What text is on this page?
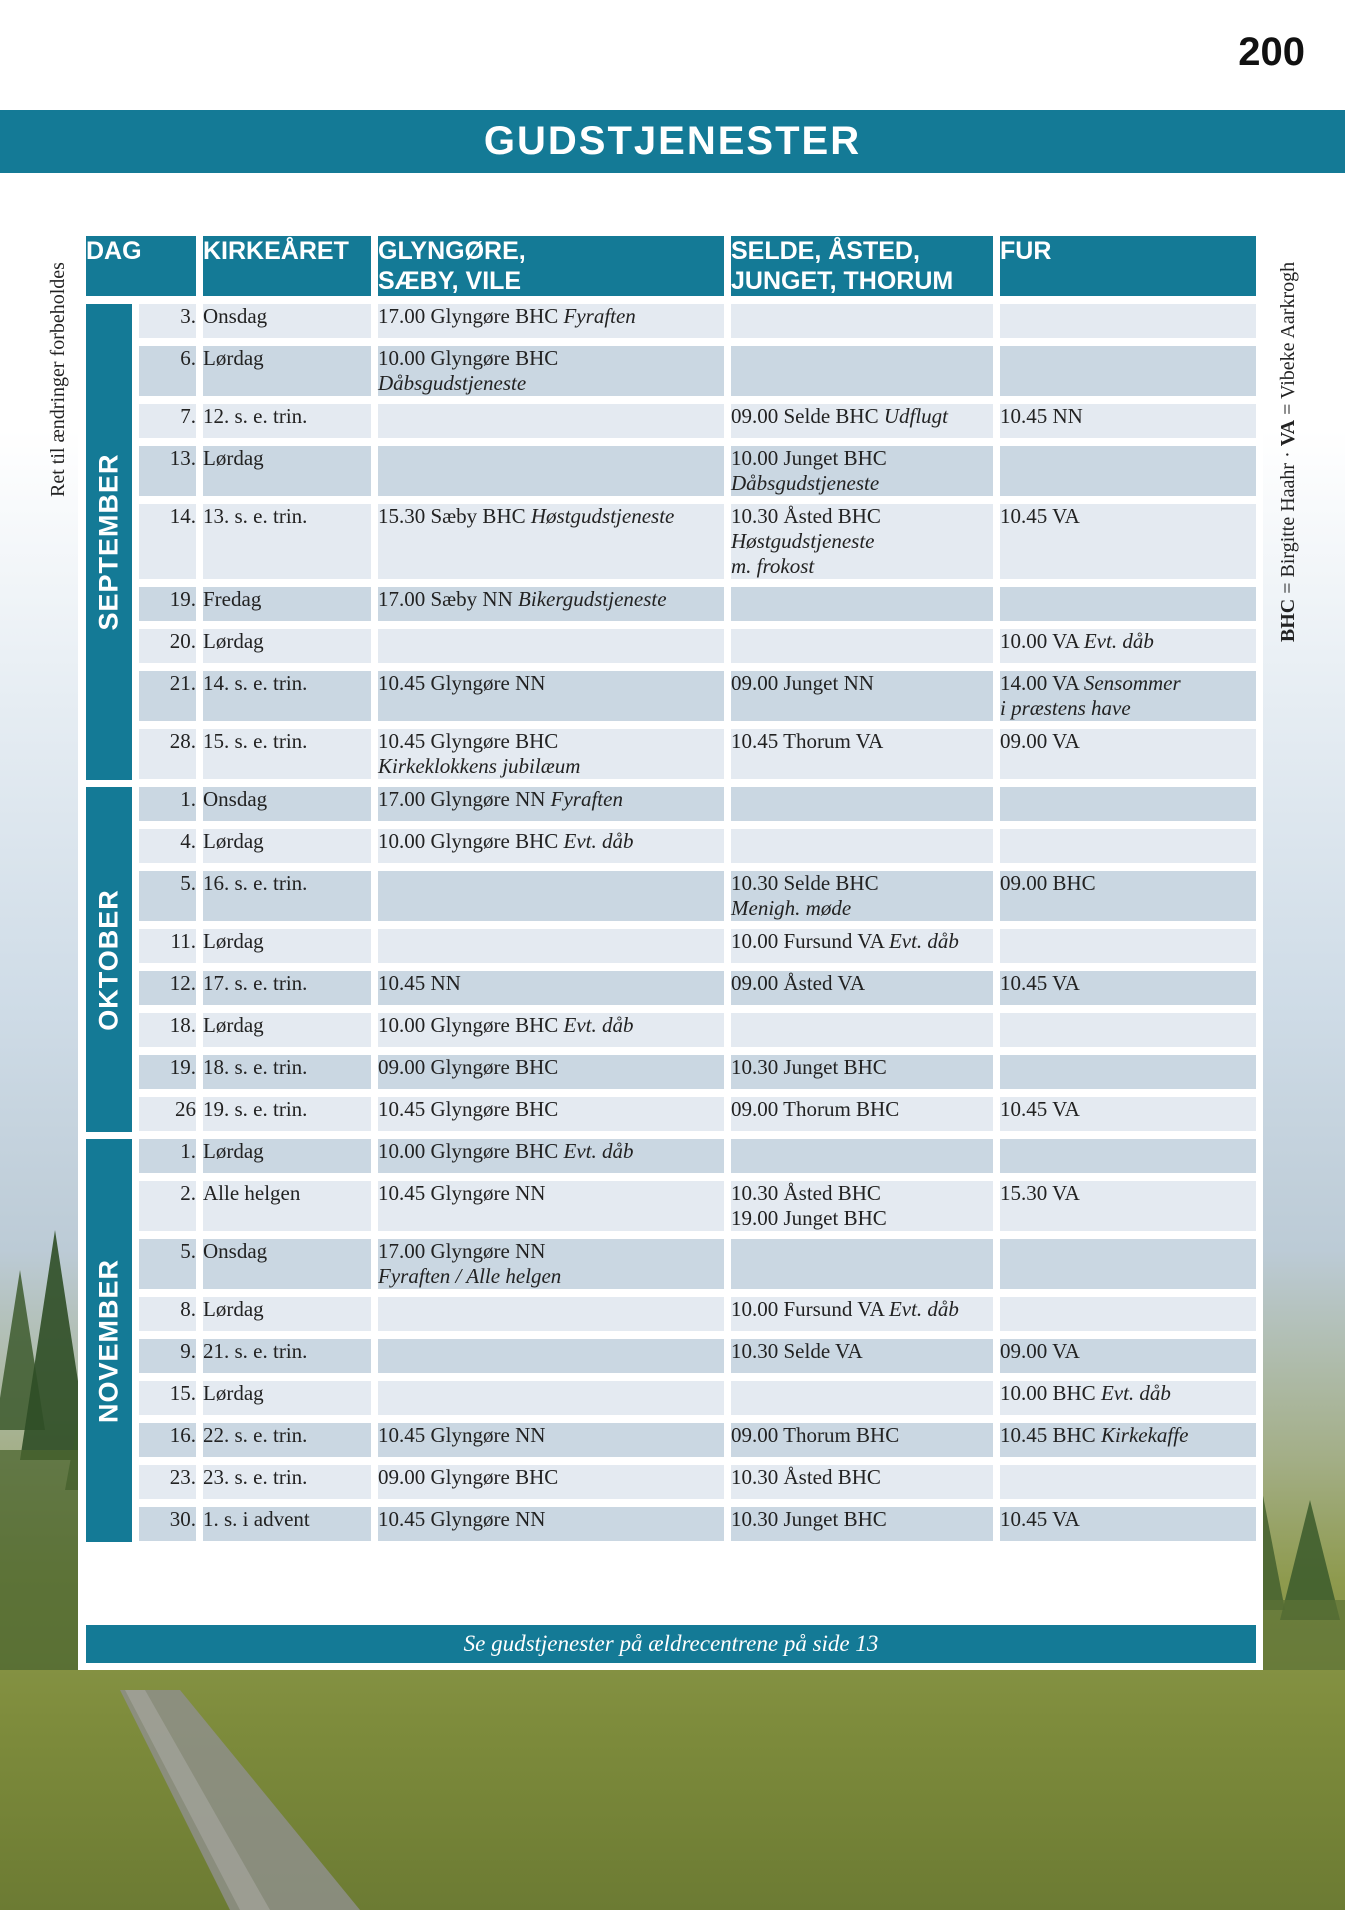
200
GUDSTJENESTER
Ret til ændringer forbeholdes
BHC = Birgitte Haahr · VA = Vibeke Aarkrogh
DAG		KIRKEÅRET	GLYNGØRE,
SÆBY, VILE	SELDE, ÅSTED,
JUNGET, THORUM	FUR

SEPTEMBER	3.	Onsdag	17.00 Glyngøre BHC Fyraften		
	6.	Lørdag	10.00 Glyngøre BHC
Dåbsgudstjeneste		
	7.	12. s. e. trin.		09.00 Selde BHC Udflugt	10.45 NN
	13.	Lørdag		10.00 Junget BHC
Dåbsgudstjeneste	
	14.	13. s. e. trin.	15.30 Sæby BHC Høstgudstjeneste	10.30 Åsted BHC
Høstgudstjeneste
m. frokost	10.45 VA
	19.	Fredag	17.00 Sæby NN Bikergudstjeneste		
	20.	Lørdag			10.00 VA Evt. dåb
	21.	14. s. e. trin.	10.45 Glyngøre NN	09.00 Junget NN	14.00 VA Sensommer
i præstens have
	28.	15. s. e. trin.	10.45 Glyngøre BHC
Kirkeklokkens jubilæum	10.45 Thorum VA	09.00 VA

OKTOBER	1.	Onsdag	17.00 Glyngøre NN Fyraften		
	4.	Lørdag	10.00 Glyngøre BHC Evt. dåb		
	5.	16. s. e. trin.		10.30 Selde BHC
Menigh. møde	09.00 BHC
	11.	Lørdag		10.00 Fursund VA Evt. dåb	
	12.	17. s. e. trin.	10.45 NN	09.00 Åsted VA	10.45 VA
	18.	Lørdag	10.00 Glyngøre BHC Evt. dåb		
	19.	18. s. e. trin.	09.00 Glyngøre BHC	10.30 Junget BHC	
	26	19. s. e. trin.	10.45 Glyngøre BHC	09.00 Thorum BHC	10.45 VA

NOVEMBER	1.	Lørdag	10.00 Glyngøre BHC Evt. dåb		
	2.	Alle helgen	10.45 Glyngøre NN	10.30 Åsted BHC
19.00 Junget BHC	15.30 VA
	5.	Onsdag	17.00 Glyngøre NN
Fyraften / Alle helgen		
	8.	Lørdag		10.00 Fursund VA Evt. dåb	
	9.	21. s. e. trin.		10.30 Selde VA	09.00 VA
	15.	Lørdag			10.00 BHC Evt. dåb
	16.	22. s. e. trin.	10.45 Glyngøre NN	09.00 Thorum BHC	10.45 BHC Kirkekaffe
	23.	23. s. e. trin.	09.00 Glyngøre BHC	10.30 Åsted BHC	
	30.	1. s. i advent	10.45 Glyngøre NN	10.30 Junget BHC	10.45 VA
Se gudstjenester på ældrecentrene på side 13
